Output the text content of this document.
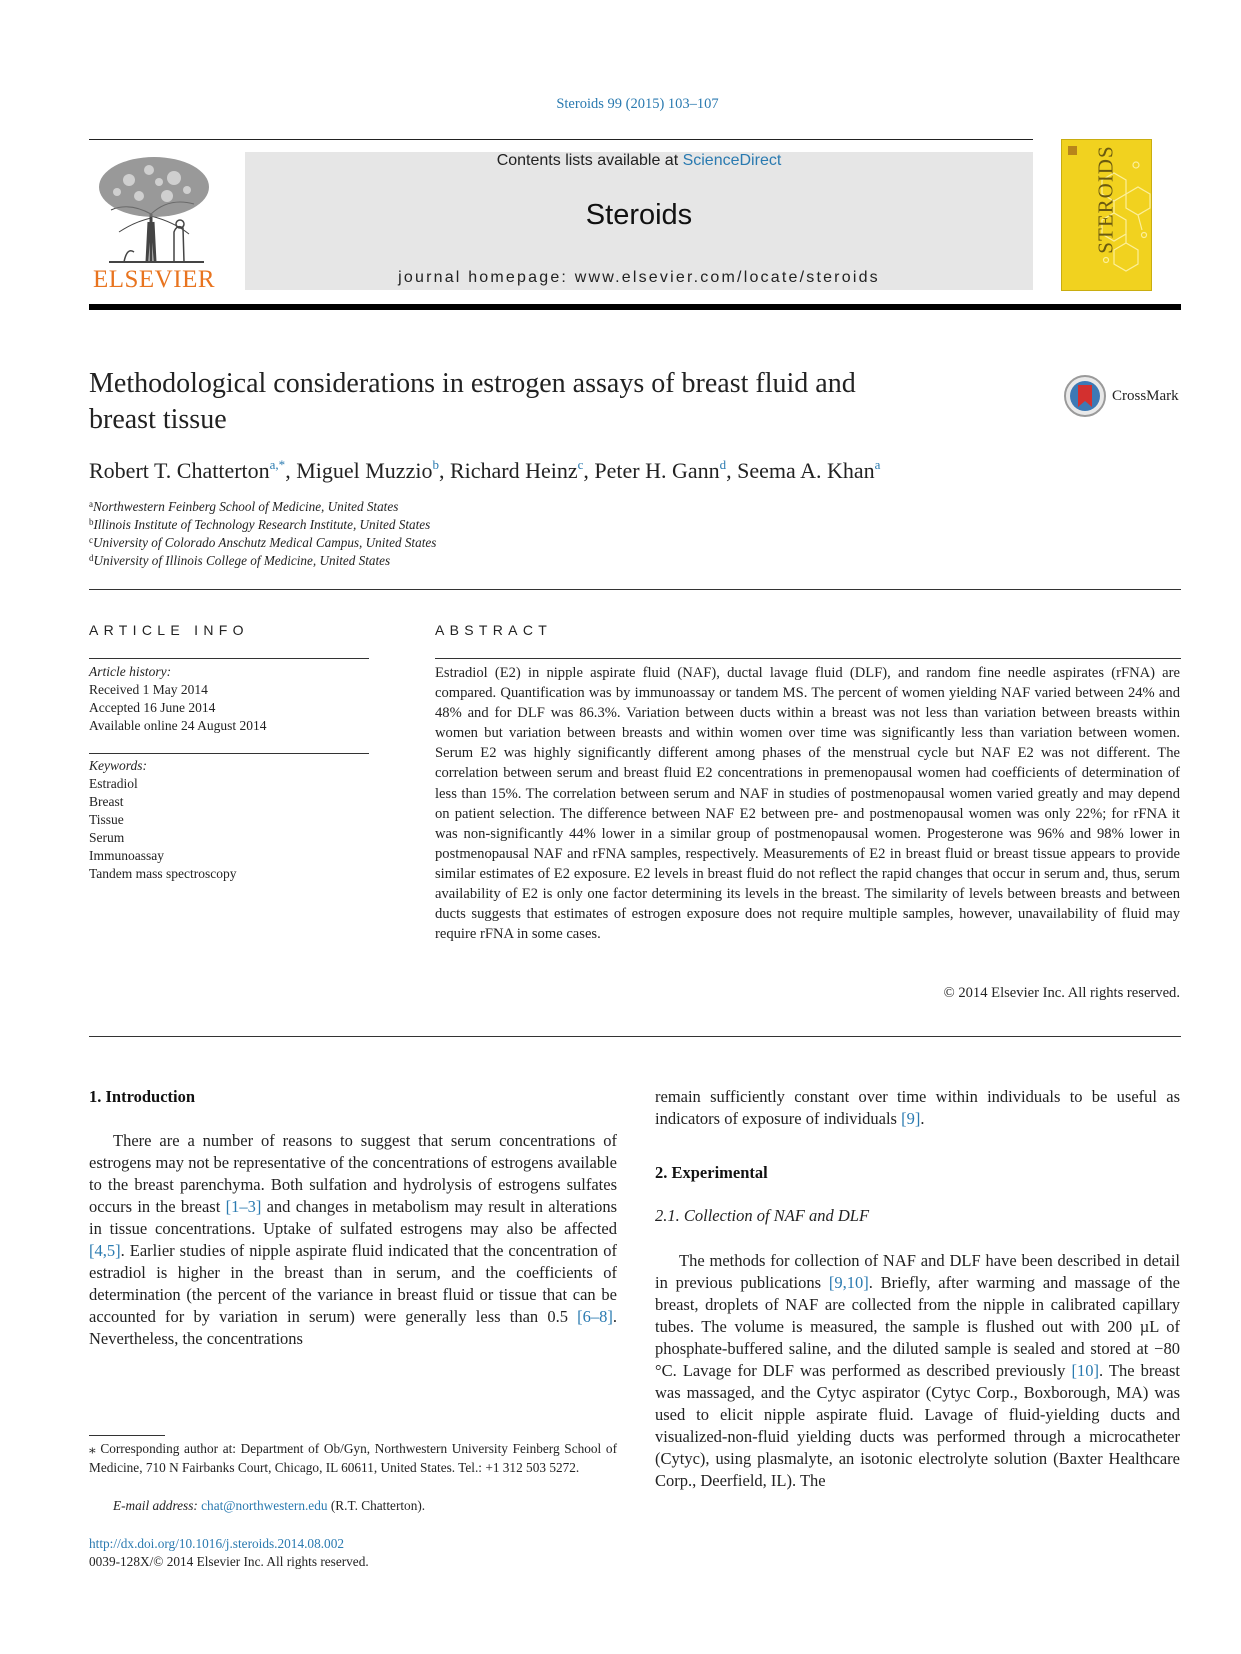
Steroids 99 (2015) 103–107
ELSEVIER
Contents lists available at ScienceDirect
Steroids
journal homepage: www.elsevier.com/locate/steroids
STEROIDS
Methodological considerations in estrogen assays of breast fluid and
breast tissue
CrossMark
Robert T. Chatterton$^{a,*}$, Miguel Muzzio$^b$, Richard Heinz$^c$, Peter H. Gann$^d$, Seema A. Khan$^a$
$^a$Northwestern Feinberg School of Medicine, United States
$^b$Illinois Institute of Technology Research Institute, United States
$^c$University of Colorado Anschutz Medical Campus, United States
$^d$University of Illinois College of Medicine, United States
ARTICLE INFO
Article history:
Received 1 May 2014
Accepted 16 June 2014
Available online 24 August 2014
Keywords:
Estradiol
Breast
Tissue
Serum
Immunoassay
Tandem mass spectroscopy
ABSTRACT
Estradiol (E2) in nipple aspirate fluid (NAF), ductal lavage fluid (DLF), and random fine needle aspirates (rFNA) are compared. Quantification was by immunoassay or tandem MS. The percent of women yielding NAF varied between 24% and 48% and for DLF was 86.3%. Variation between ducts within a breast was not less than variation between breasts within women but variation between breasts and within women over time was significantly less than variation between women. Serum E2 was highly significantly different among phases of the menstrual cycle but NAF E2 was not different. The correlation between serum and breast fluid E2 concentrations in premenopausal women had coefficients of determination of less than 15%. The correlation between serum and NAF in studies of postmenopausal women varied greatly and may depend on patient selection. The difference between NAF E2 between pre- and postmenopausal women was only 22%; for rFNA it was non-significantly 44% lower in a similar group of postmenopausal women. Progesterone was 96% and 98% lower in postmenopausal NAF and rFNA samples, respectively. Measurements of E2 in breast fluid or breast tissue appears to provide similar estimates of E2 exposure. E2 levels in breast fluid do not reflect the rapid changes that occur in serum and, thus, serum availability of E2 is only one factor determining its levels in the breast. The similarity of levels between breasts and between ducts suggests that estimates of estrogen exposure does not require multiple samples, however, unavailability of fluid may require rFNA in some cases.
© 2014 Elsevier Inc. All rights reserved.
1. Introduction
There are a number of reasons to suggest that serum concentrations of estrogens may not be representative of the concentrations of estrogens available to the breast parenchyma. Both sulfation and hydrolysis of estrogens sulfates occurs in the breast [1–3] and changes in metabolism may result in alterations in tissue concentrations. Uptake of sulfated estrogens may also be affected [4,5]. Earlier studies of nipple aspirate fluid indicated that the concentration of estradiol is higher in the breast than in serum, and the coefficients of determination (the percent of the variance in breast fluid or tissue that can be accounted for by variation in serum) were generally less than 0.5 [6–8]. Nevertheless, the concentrations
⁎ Corresponding author at: Department of Ob/Gyn, Northwestern University Feinberg School of Medicine, 710 N Fairbanks Court, Chicago, IL 60611, United States. Tel.: +1 312 503 5272.
E-mail address: chat@northwestern.edu (R.T. Chatterton).
http://dx.doi.org/10.1016/j.steroids.2014.08.002
0039-128X/© 2014 Elsevier Inc. All rights reserved.
remain sufficiently constant over time within individuals to be useful as indicators of exposure of individuals [9].
2. Experimental
2.1. Collection of NAF and DLF
The methods for collection of NAF and DLF have been described in detail in previous publications [9,10]. Briefly, after warming and massage of the breast, droplets of NAF are collected from the nipple in calibrated capillary tubes. The volume is measured, the sample is flushed out with 200 µL of phosphate-buffered saline, and the diluted sample is sealed and stored at −80 °C. Lavage for DLF was performed as described previously [10]. The breast was massaged, and the Cytyc aspirator (Cytyc Corp., Boxborough, MA) was used to elicit nipple aspirate fluid. Lavage of fluid-yielding ducts and visualized-non-fluid yielding ducts was performed through a microcatheter (Cytyc), using plasmalyte, an isotonic electrolyte solution (Baxter Healthcare Corp., Deerfield, IL). The
